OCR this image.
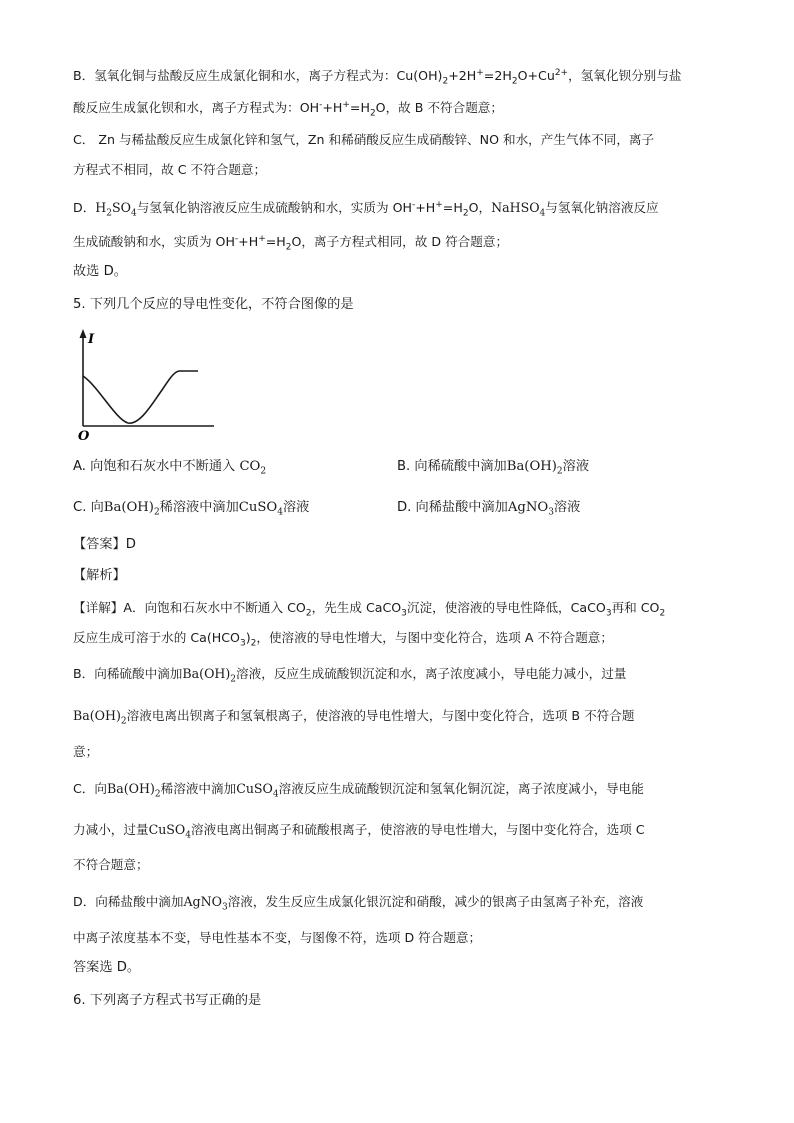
B．氢氧化铜与盐酸反应生成氯化铜和水，离子方程式为：$Cu(OH)_2+2H^+=2H_2O+Cu^{2+}$，氢氧化钡分别与盐
酸反应生成氯化钡和水，离子方程式为：$OH^-+H^+=H_2O$，故 B 不符合题意；
C． Zn 与稀盐酸反应生成氯化锌和氢气，Zn 和稀硝酸反应生成硝酸锌、NO 和水，产生气体不同，离子
方程式不相同，故 C 不符合题意；
D．$H_2SO_4$与氢氧化钠溶液反应生成硫酸钠和水，实质为 $OH^-+H^+=H_2O$，NaHSO$_4$与氢氧化钠溶液反应
生成硫酸钠和水，实质为 $OH^-+H^+=H_2O$，离子方程式相同，故 D 符合题意；
故选 D。
5. 下列几个反应的导电性变化，不符合图像的是
I
O
A. 向饱和石灰水中不断通入 $CO_2$	B. 向稀硫酸中滴加$Ba(OH)_2$溶液
C. 向$Ba(OH)_2$稀溶液中滴加CuSO$_4$溶液	D. 向稀盐酸中滴加AgNO$_3$溶液
【答案】D
【解析】
【详解】A．向饱和石灰水中不断通入 $CO_2$，先生成 CaCO$_3$沉淀，使溶液的导电性降低，CaCO$_3$再和 $CO_2$
反应生成可溶于水的 $Ca(HCO_3)_2$，使溶液的导电性增大，与图中变化符合，选项 A 不符合题意；
B．向稀硫酸中滴加$Ba(OH)_2$溶液，反应生成硫酸钡沉淀和水，离子浓度减小，导电能力减小，过量
$Ba(OH)_2$溶液电离出钡离子和氢氧根离子，使溶液的导电性增大，与图中变化符合，选项 B 不符合题
意；
C．向$Ba(OH)_2$稀溶液中滴加CuSO$_4$溶液反应生成硫酸钡沉淀和氢氧化铜沉淀，离子浓度减小，导电能
力减小，过量CuSO$_4$溶液电离出铜离子和硫酸根离子，使溶液的导电性增大，与图中变化符合，选项 C
不符合题意；
D．向稀盐酸中滴加AgNO$_3$溶液，发生反应生成氯化银沉淀和硝酸，减少的银离子由氢离子补充，溶液
中离子浓度基本不变，导电性基本不变，与图像不符，选项 D 符合题意；
答案选 D。
6. 下列离子方程式书写正确的是
